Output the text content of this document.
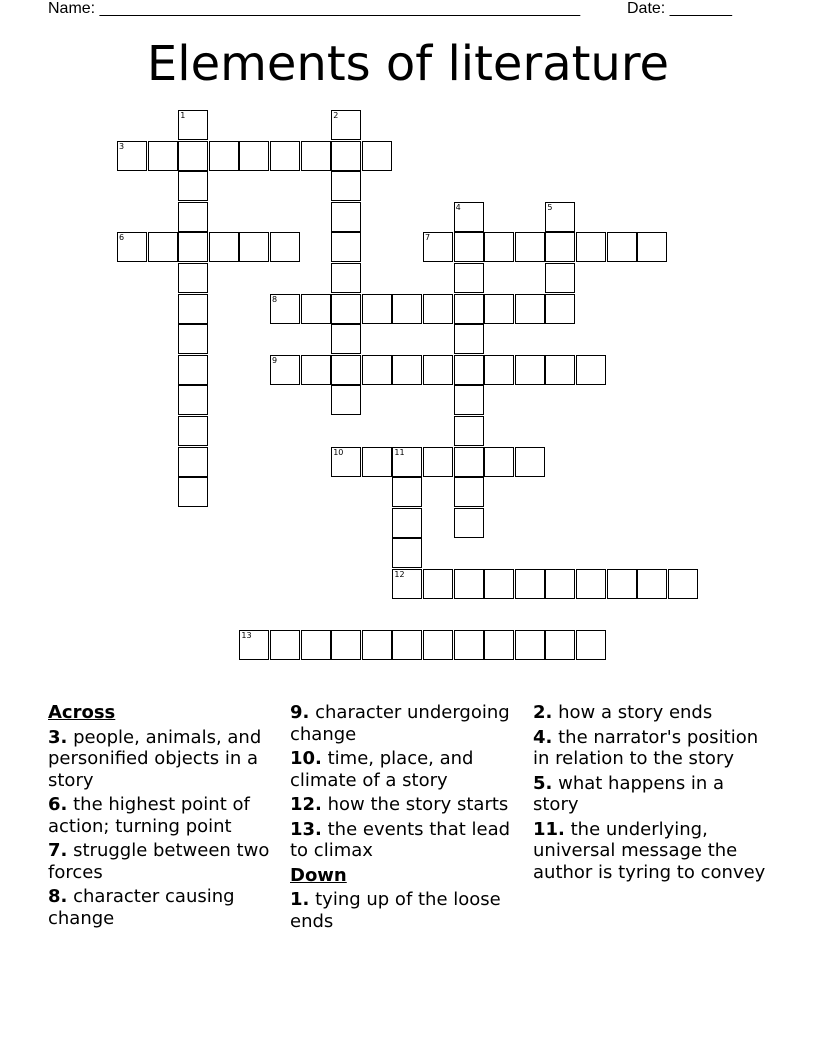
Name: ______________________________________________________	Date: _______
Elements of literature
1	2
3
4	5
6	7
8
9
10	11
12
13
Across
3. people, animals, and personified objects in a story
6. the highest point of action; turning point
7. struggle between two forces
8. character causing change
9. character undergoing change
10. time, place, and climate of a story
12. how the story starts
13. the events that lead to climax
Down
1. tying up of the loose ends
2. how a story ends
4. the narrator's position in relation to the story
5. what happens in a story
11. the underlying, universal message the author is tyring to convey
